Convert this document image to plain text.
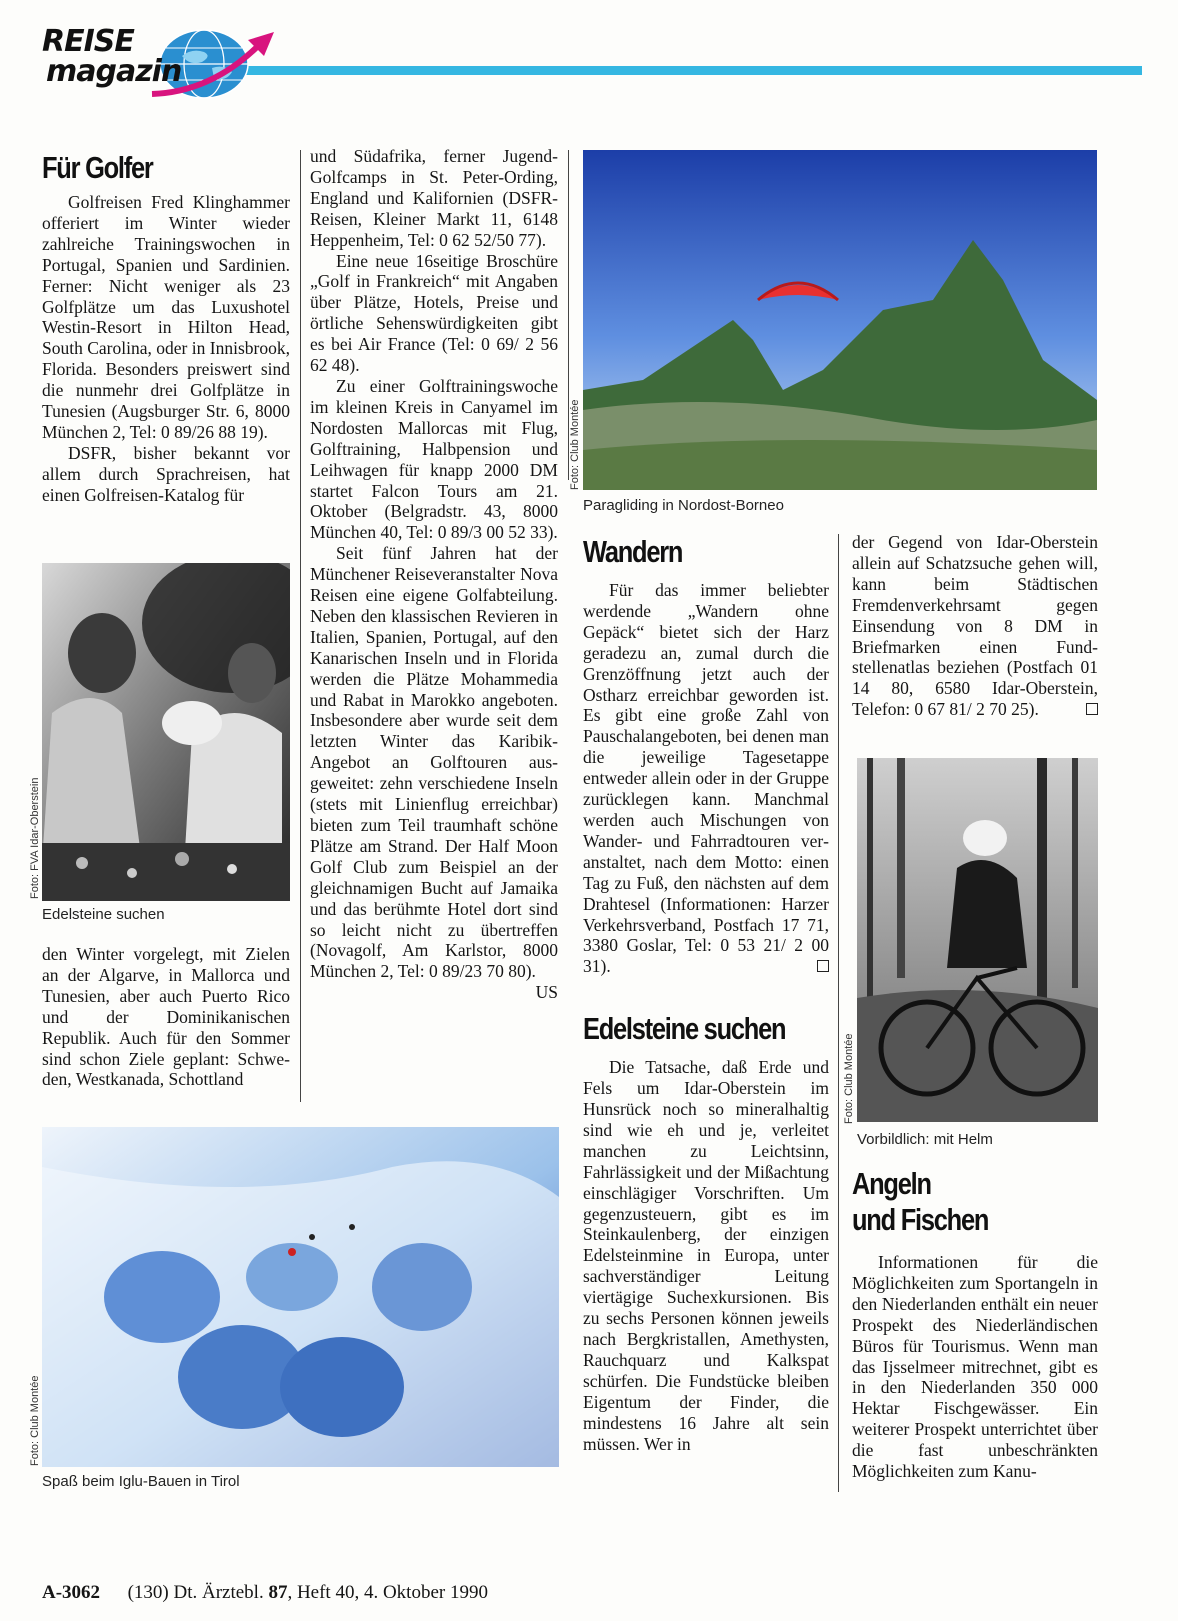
REISE
magazin
Für Golfer

Golfreisen Fred Klinghammer offeriert im Winter wieder zahlreiche Trainingswochen in Portugal, Spanien und Sardinien. Ferner: Nicht weniger als 23 Golfplätze um das Luxushotel Westin-Resort in Hilton Head, South Carolina, oder in Innisbrook, Florida. Besonders preiswert sind die nunmehr drei Golfplätze in Tunesien (Augsburger Str. 6, 8000 München 2, Tel: 0 89/26 88 19).

DSFR, bisher bekannt vor allem durch Sprachreisen, hat einen Golfreisen-Katalog für

Foto: FVA Idar-Oberstein
Edelsteine suchen

den Winter vorgelegt, mit Zielen an der Algarve, in Mallorca und Tunesien, aber auch Puerto Rico und der Dominikanischen Republik. Auch für den Sommer sind schon Ziele geplant: Schweden, Westkanada, Schottland

und Südafrika, ferner Jugend-Golfcamps in St. Peter-Ording, England und Kalifornien (DSFR-Reisen, Kleiner Markt 11, 6148 Heppenheim, Tel: 0 62 52/50 77).

Eine neue 16seitige Broschüre „Golf in Frankreich“ mit Angaben über Plätze, Hotels, Preise und örtliche Sehenswürdigkeiten gibt es bei Air France (Tel: 0 69/ 2 56 62 48).

Zu einer Golftrainingswoche im kleinen Kreis in Canyamel im Nordosten Mallorcas mit Flug, Golftraining, Halbpension und Leihwagen für knapp 2000 DM startet Falcon Tours am 21. Oktober (Belgradstr. 43, 8000 München 40, Tel: 0 89/3 00 52 33).

Seit fünf Jahren hat der Münchener Reiseveranstalter Nova Reisen eine eigene Golfabteilung. Neben den klassischen Revieren in Italien, Spanien, Portugal, auf den Kanarischen Inseln und in Florida werden die Plätze Mohammedia und Rabat in Marokko angeboten. Insbesondere aber wurde seit dem letzten Winter das Karibik-Angebot an Golftouren ausgeweitet: zehn verschiedene Inseln (stets mit Linienflug erreichbar) bieten zum Teil traumhaft schöne Plätze am Strand. Der Half Moon Golf Club zum Beispiel an der gleichnamigen Bucht auf Jamaika und das berühmte Hotel dort sind so leicht nicht zu übertreffen (Novagolf, Am Karlstor, 8000 München 2, Tel: 0 89/23 70 80).

US
Foto: Club Montée
Spaß beim Iglu-Bauen in Tirol
Foto: Club Montée
Paragliding in Nordost-Borneo
Wandern

Für das immer beliebter werdende „Wandern ohne Gepäck“ bietet sich der Harz geradezu an, zumal durch die Grenzöffnung jetzt auch der Ostharz erreichbar geworden ist. Es gibt eine große Zahl von Pauschalangeboten, bei denen man die jeweilige Tagesetappe entweder allein oder in der Gruppe zurücklegen kann. Manchmal werden auch Mischungen von Wander- und Fahrradtouren veranstaltet, nach dem Motto: einen Tag zu Fuß, den nächsten auf dem Drahtesel (Informationen: Harzer Verkehrsverband, Postfach 17 71, 3380 Goslar, Tel: 0 53 21/ 2 00 31).

Edelsteine suchen

Die Tatsache, daß Erde und Fels um Idar-Oberstein im Hunsrück noch so mineralhaltig sind wie eh und je, verleitet manchen zu Leichtsinn, Fahrlässigkeit und der Mißachtung einschlägiger Vorschriften. Um gegenzusteuern, gibt es im Steinkaulenberg, der einzigen Edelsteinmine in Europa, unter sachverständiger Leitung viertägige Suchexkursionen. Bis zu sechs Personen können jeweils nach Bergkristallen, Amethysten, Rauchquarz und Kalkspat schürfen. Die Fundstücke bleiben Eigentum der Finder, die mindestens 16 Jahre alt sein müssen. Wer in

der Gegend von Idar-Oberstein allein auf Schatzsuche gehen will, kann beim Städtischen Fremdenverkehrsamt gegen Einsendung von 8 DM in Briefmarken einen Fundstellenatlas beziehen (Postfach 01 14 80, 6580 Idar-Oberstein, Telefon: 0 67 81/ 2 70 25).

Foto: Club Montée
Vorbildlich: mit Helm
Angeln
und Fischen

Informationen für die Möglichkeiten zum Sportangeln in den Niederlanden enthält ein neuer Prospekt des Niederländischen Büros für Tourismus. Wenn man das Ijsselmeer mitrechnet, gibt es in den Niederlanden 350 000 Hektar Fischgewässer. Ein weiterer Prospekt unterrichtet über die fast unbeschränkten Möglichkeiten zum Kanu-

A-3062 (130) Dt. Ärztebl. 87, Heft 40, 4. Oktober 1990
